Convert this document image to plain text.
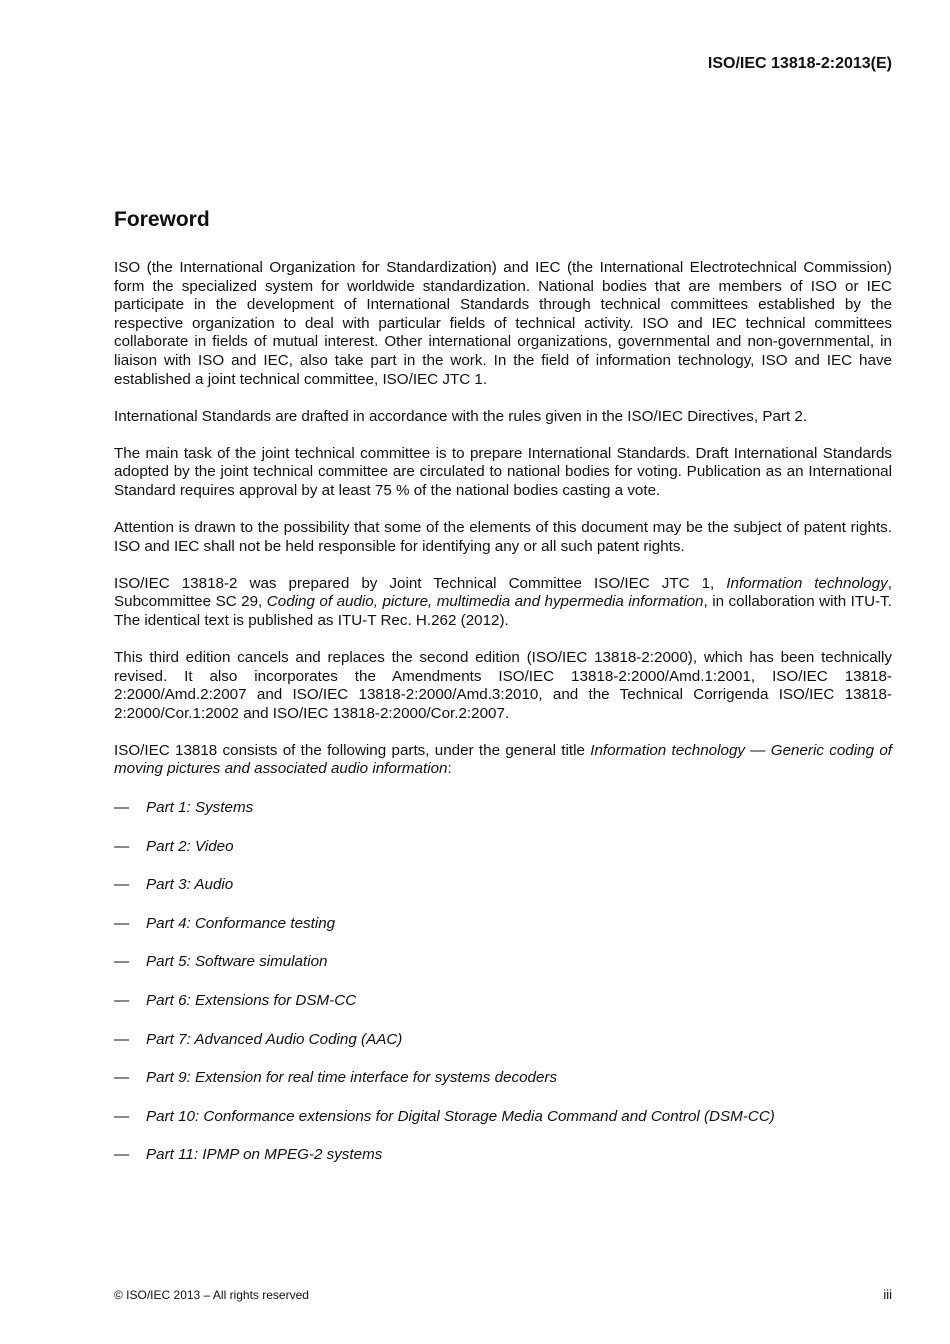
ISO/IEC 13818-2:2013(E)
Foreword

ISO (the International Organization for Standardization) and IEC (the International Electrotechnical Commission) form the specialized system for worldwide standardization. National bodies that are members of ISO or IEC participate in the development of International Standards through technical committees established by the respective organization to deal with particular fields of technical activity. ISO and IEC technical committees collaborate in fields of mutual interest. Other international organizations, governmental and non-governmental, in liaison with ISO and IEC, also take part in the work. In the field of information technology, ISO and IEC have established a joint technical committee, ISO/IEC JTC 1.

International Standards are drafted in accordance with the rules given in the ISO/IEC Directives, Part 2.

The main task of the joint technical committee is to prepare International Standards. Draft International Standards adopted by the joint technical committee are circulated to national bodies for voting. Publication as an International Standard requires approval by at least 75 % of the national bodies casting a vote.

Attention is drawn to the possibility that some of the elements of this document may be the subject of patent rights. ISO and IEC shall not be held responsible for identifying any or all such patent rights.

ISO/IEC 13818-2 was prepared by Joint Technical Committee ISO/IEC JTC 1, Information technology, Subcommittee SC 29, Coding of audio, picture, multimedia and hypermedia information, in collaboration with ITU-T. The identical text is published as ITU-T Rec. H.262 (2012).

This third edition cancels and replaces the second edition (ISO/IEC 13818-2:2000), which has been technically revised. It also incorporates the Amendments ISO/IEC 13818-2:2000/Amd.1:2001, ISO/IEC 13818-2:2000/Amd.2:2007 and ISO/IEC 13818-2:2000/Amd.3:2010, and the Technical Corrigenda ISO/IEC 13818-2:2000/Cor.1:2002 and ISO/IEC 13818-2:2000/Cor.2:2007.

ISO/IEC 13818 consists of the following parts, under the general title Information technology — Generic coding of moving pictures and associated audio information:

— Part 1: Systems
— Part 2: Video
— Part 3: Audio
— Part 4: Conformance testing
— Part 5: Software simulation
— Part 6: Extensions for DSM-CC
— Part 7: Advanced Audio Coding (AAC)
— Part 9: Extension for real time interface for systems decoders
— Part 10: Conformance extensions for Digital Storage Media Command and Control (DSM-CC)
— Part 11: IPMP on MPEG-2 systems
© ISO/IEC 2013 – All rights reserved	iii
